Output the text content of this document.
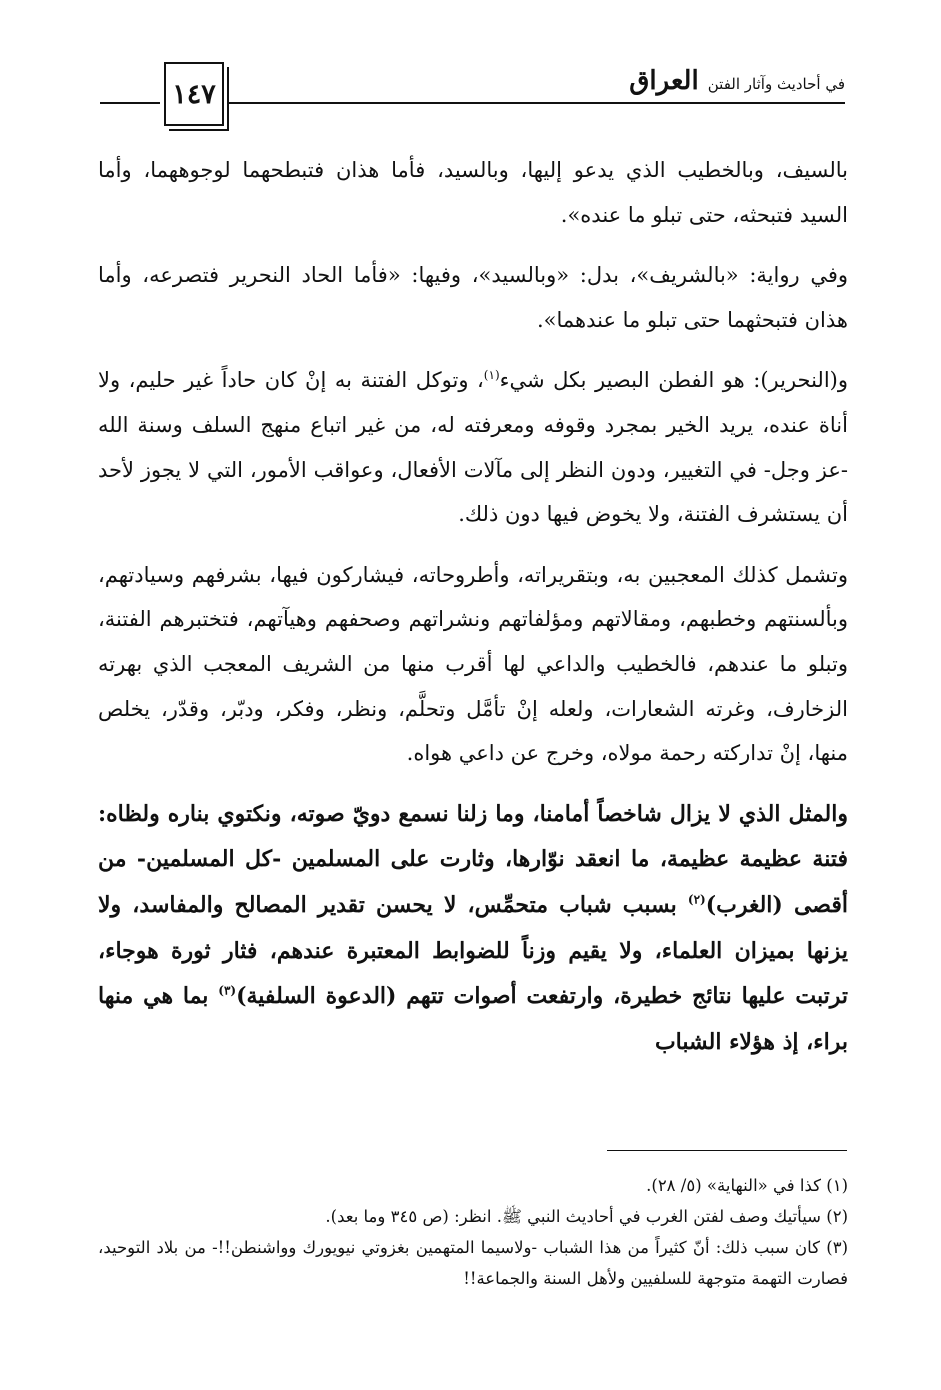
١٤٧	في أحاديث وآثار الفتن العراق

بالسيف، وبالخطيب الذي يدعو إليها، وبالسيد، فأما هذان فتبطحهما لوجوههما، وأما السيد فتبحثه، حتى تبلو ما عنده».

وفي رواية: «بالشريف»، بدل: «وبالسيد»، وفيها: «فأما الحاد النحرير فتصرعه، وأما هذان فتبحثهما حتى تبلو ما عندهما».

و(النحرير): هو الفطن البصير بكل شيء$^{(١)}$، وتوكل الفتنة به إنْ كان حاداً غير حليم، ولا أناة عنده، يريد الخير بمجرد وقوفه ومعرفته له، من غير اتباع منهج السلف وسنة الله -عز وجل- في التغيير، ودون النظر إلى مآلات الأفعال، وعواقب الأمور، التي لا يجوز لأحد أن يستشرف الفتنة، ولا يخوض فيها دون ذلك.

وتشمل كذلك المعجبين به، وبتقريراته، وأطروحاته، فيشاركون فيها، بشرفهم وسيادتهم، وبألسنتهم وخطبهم، ومقالاتهم ومؤلفاتهم ونشراتهم وصحفهم وهيآتهم، فتختبرهم الفتنة، وتبلو ما عندهم، فالخطيب والداعي لها أقرب منها من الشريف المعجب الذي بهرته الزخارف، وغرته الشعارات، ولعله إنْ تأمَّل وتحلَّم، ونظر، وفكر، ودبّر، وقدّر، يخلص منها، إنْ تداركته رحمة مولاه، وخرج عن داعي هواه.

والمثل الذي لا يزال شاخصاً أمامنا، وما زلنا نسمع دويّ صوته، ونكتوي بناره ولظاه: فتنة عظيمة عظيمة، ما انعقد نوّارها، وثارت على المسلمين -كل المسلمين- من أقصى (الغرب)$^{(٢)}$ بسبب شباب متحمِّس، لا يحسن تقدير المصالح والمفاسد، ولا يزنها بميزان العلماء، ولا يقيم وزناً للضوابط المعتبرة عندهم، فثار ثورة هوجاء، ترتبت عليها نتائج خطيرة، وارتفعت أصوات تتهم (الدعوة السلفية)$^{(٣)}$ بما هي منها براء، إذ هؤلاء الشباب

(١) كذا في «النهاية» (٥/ ٢٨).

(٢) سيأتيك وصف لفتن الغرب في أحاديث النبي ﷺ. انظر: (ص ٣٤٥ وما بعد).

(٣) كان سبب ذلك: أنّ كثيراً من هذا الشباب -ولاسيما المتهمين بغزوتي نيويورك وواشنطن!!- من بلاد التوحيد، فصارت التهمة متوجهة للسلفيين ولأهل السنة والجماعة!!
